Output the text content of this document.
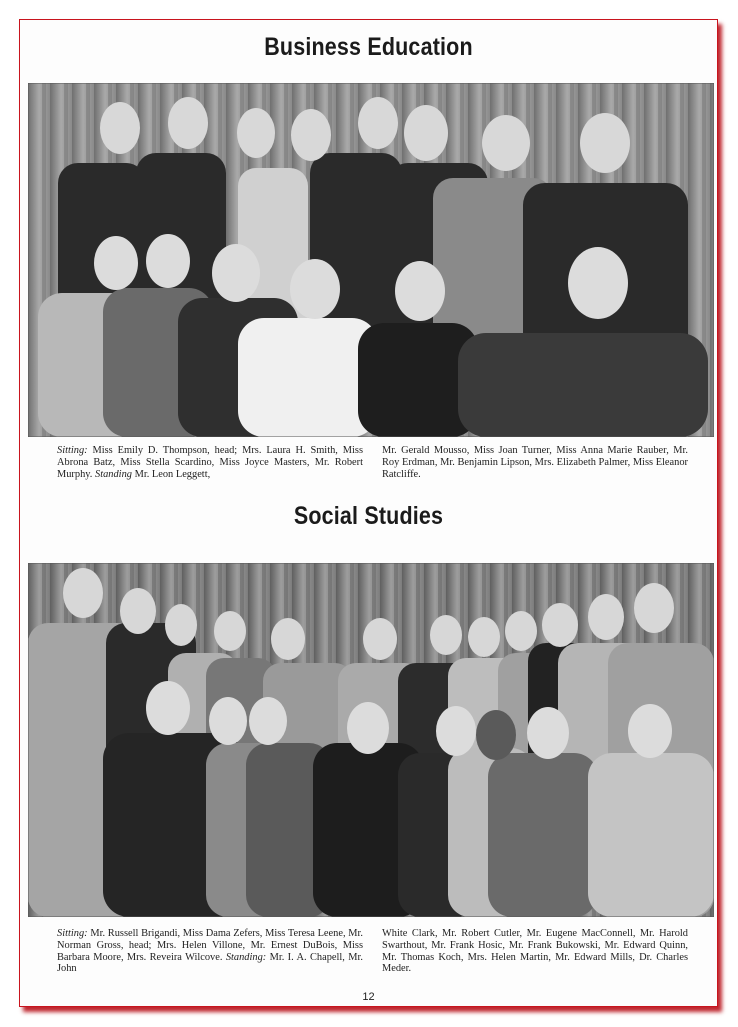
Business Education
Sitting: Miss Emily D. Thompson, head; Mrs. Laura H. Smith, Miss Abrona Batz, Miss Stella Scardino, Miss Joyce Masters, Mr. Robert Murphy. Standing Mr. Leon Leggett,
Mr. Gerald Mousso, Miss Joan Turner, Miss Anna Marie Rauber, Mr. Roy Erdman, Mr. Benjamin Lipson, Mrs. Elizabeth Palmer, Miss Eleanor Ratcliffe.
Social Studies
Sitting: Mr. Russell Brigandi, Miss Dama Zefers, Miss Teresa Leene, Mr. Norman Gross, head; Mrs. Helen Villone, Mr. Ernest DuBois, Miss Barbara Moore, Mrs. Reveira Wilcove. Standing: Mr. I. A. Chapell, Mr. John
White Clark, Mr. Robert Cutler, Mr. Eugene MacConnell, Mr. Harold Swarthout, Mr. Frank Hosic, Mr. Frank Bukowski, Mr. Edward Quinn, Mr. Thomas Koch, Mrs. Helen Martin, Mr. Edward Mills, Dr. Charles Meder.
12
